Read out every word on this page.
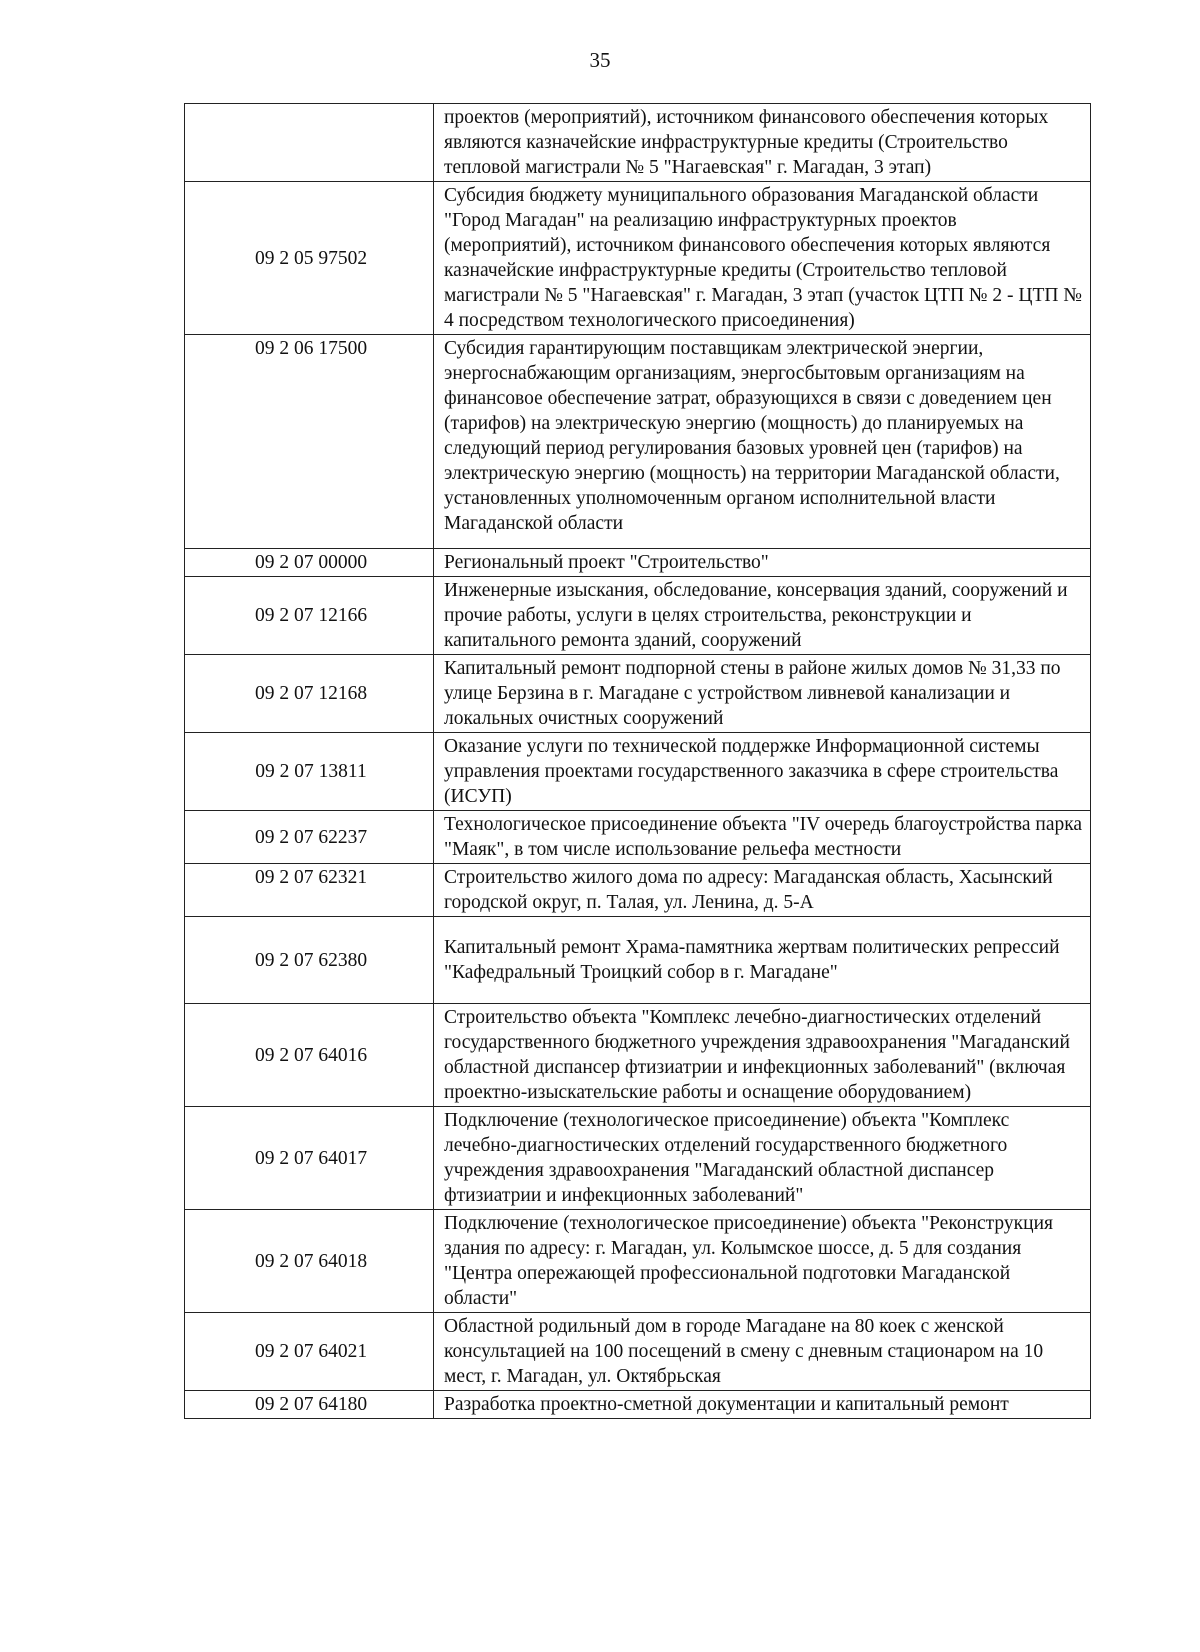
35
	проектов (мероприятий), источником финансового обеспечения которых являются казначейские инфраструктурные кредиты (Строительство тепловой магистрали № 5 "Нагаевская" г. Магадан, 3 этап)
09 2 05 97502	Субсидия бюджету муниципального образования Магаданской области "Город Магадан" на реализацию инфраструктурных проектов (мероприятий), источником финансового обеспечения которых являются казначейские инфраструктурные кредиты (Строительство тепловой магистрали № 5 "Нагаевская" г. Магадан, 3 этап (участок ЦТП № 2 - ЦТП № 4 посредством технологического присоединения)
09 2 06 17500	Субсидия гарантирующим поставщикам электрической энергии, энергоснабжающим организациям, энергосбытовым организациям на финансовое обеспечение затрат, образующихся в связи с доведением цен (тарифов) на электрическую энергию (мощность) до планируемых на следующий период регулирования базовых уровней цен (тарифов) на электрическую энергию (мощность) на территории Магаданской области, установленных уполномоченным органом исполнительной власти Магаданской области
09 2 07 00000	Региональный проект "Строительство"
09 2 07 12166	Инженерные изыскания, обследование, консервация зданий, сооружений и прочие работы, услуги в целях строительства, реконструкции и капитального ремонта зданий, сооружений
09 2 07 12168	Капитальный ремонт подпорной стены в районе жилых домов № 31,33 по улице Берзина в г. Магадане с устройством ливневой канализации и локальных очистных сооружений
09 2 07 13811	Оказание услуги по технической поддержке Информационной системы управления проектами государственного заказчика в сфере строительства (ИСУП)
09 2 07 62237	Технологическое присоединение объекта "IV очередь благоустройства парка "Маяк", в том числе использование рельефа местности
09 2 07 62321	Строительство жилого дома по адресу: Магаданская область, Хасынский городской округ, п. Талая, ул. Ленина, д. 5-А
09 2 07 62380	Капитальный ремонт Храма-памятника жертвам политических репрессий "Кафедральный Троицкий собор в г. Магадане"
09 2 07 64016	Строительство объекта "Комплекс лечебно-диагностических отделений государственного бюджетного учреждения здравоохранения "Магаданский областной диспансер фтизиатрии и инфекционных заболеваний" (включая проектно-изыскательские работы и оснащение оборудованием)
09 2 07 64017	Подключение (технологическое присоединение) объекта "Комплекс лечебно-диагностических отделений государственного бюджетного учреждения здравоохранения "Магаданский областной диспансер фтизиатрии и инфекционных заболеваний"
09 2 07 64018	Подключение (технологическое присоединение) объекта "Реконструкция здания по адресу: г. Магадан, ул. Колымское шоссе, д. 5 для создания "Центра опережающей профессиональной подготовки Магаданской области"
09 2 07 64021	Областной родильный дом в городе Магадане на 80 коек с женской консультацией на 100 посещений в смену с дневным стационаром на 10 мест, г. Магадан, ул. Октябрьская
09 2 07 64180	Разработка проектно-сметной документации и капитальный ремонт
